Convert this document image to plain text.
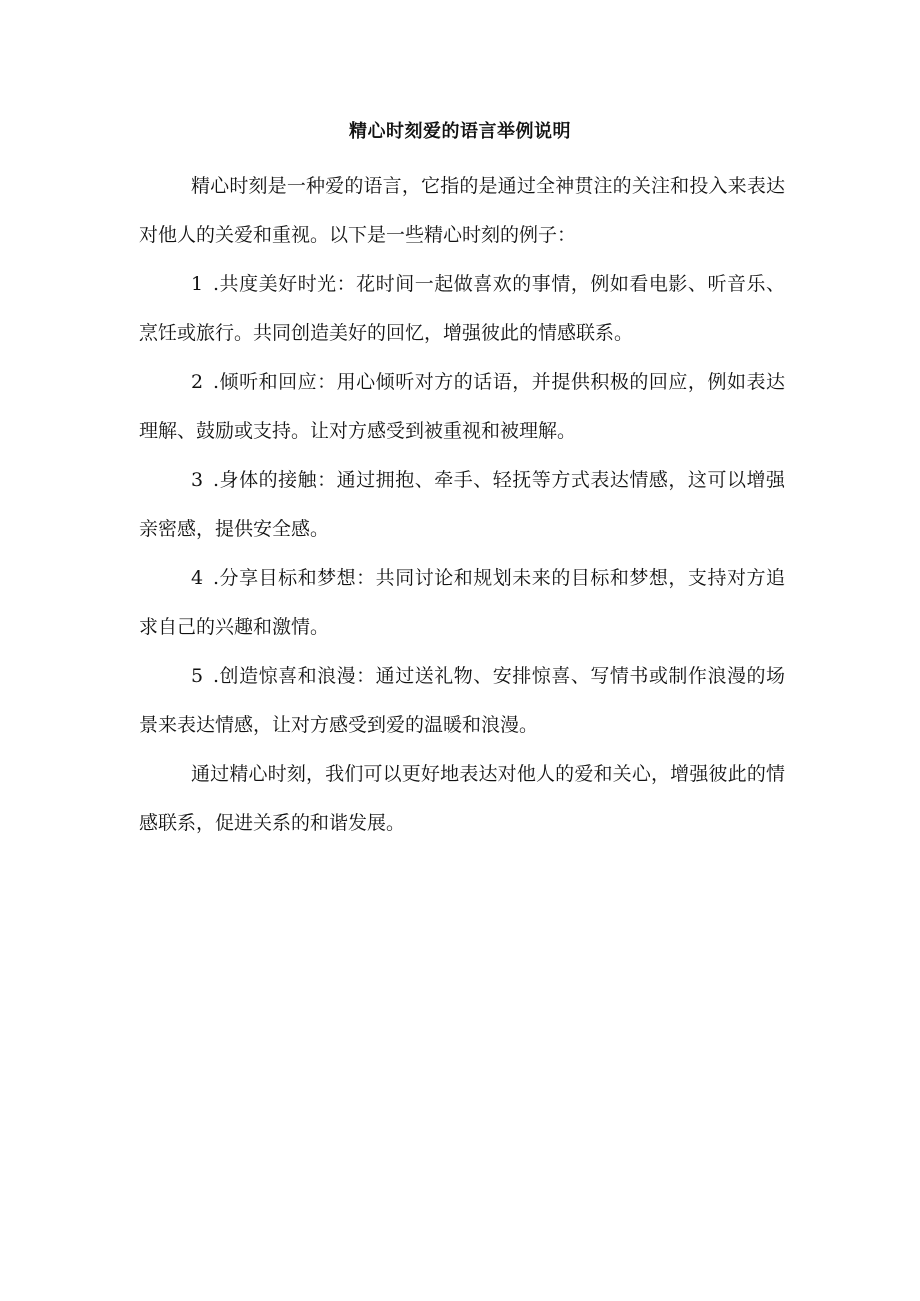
精心时刻爱的语言举例说明

精心时刻是一种爱的语言，它指的是通过全神贯注的关注和投入来表达对他人的关爱和重视。以下是一些精心时刻的例子：

1 .共度美好时光：花时间一起做喜欢的事情，例如看电影、听音乐、烹饪或旅行。共同创造美好的回忆，增强彼此的情感联系。

2 .倾听和回应：用心倾听对方的话语，并提供积极的回应，例如表达理解、鼓励或支持。让对方感受到被重视和被理解。

3 .身体的接触：通过拥抱、牵手、轻抚等方式表达情感，这可以增强亲密感，提供安全感。

4 .分享目标和梦想：共同讨论和规划未来的目标和梦想，支持对方追求自己的兴趣和激情。

5 .创造惊喜和浪漫：通过送礼物、安排惊喜、写情书或制作浪漫的场景来表达情感，让对方感受到爱的温暖和浪漫。

通过精心时刻，我们可以更好地表达对他人的爱和关心，增强彼此的情感联系，促进关系的和谐发展。
